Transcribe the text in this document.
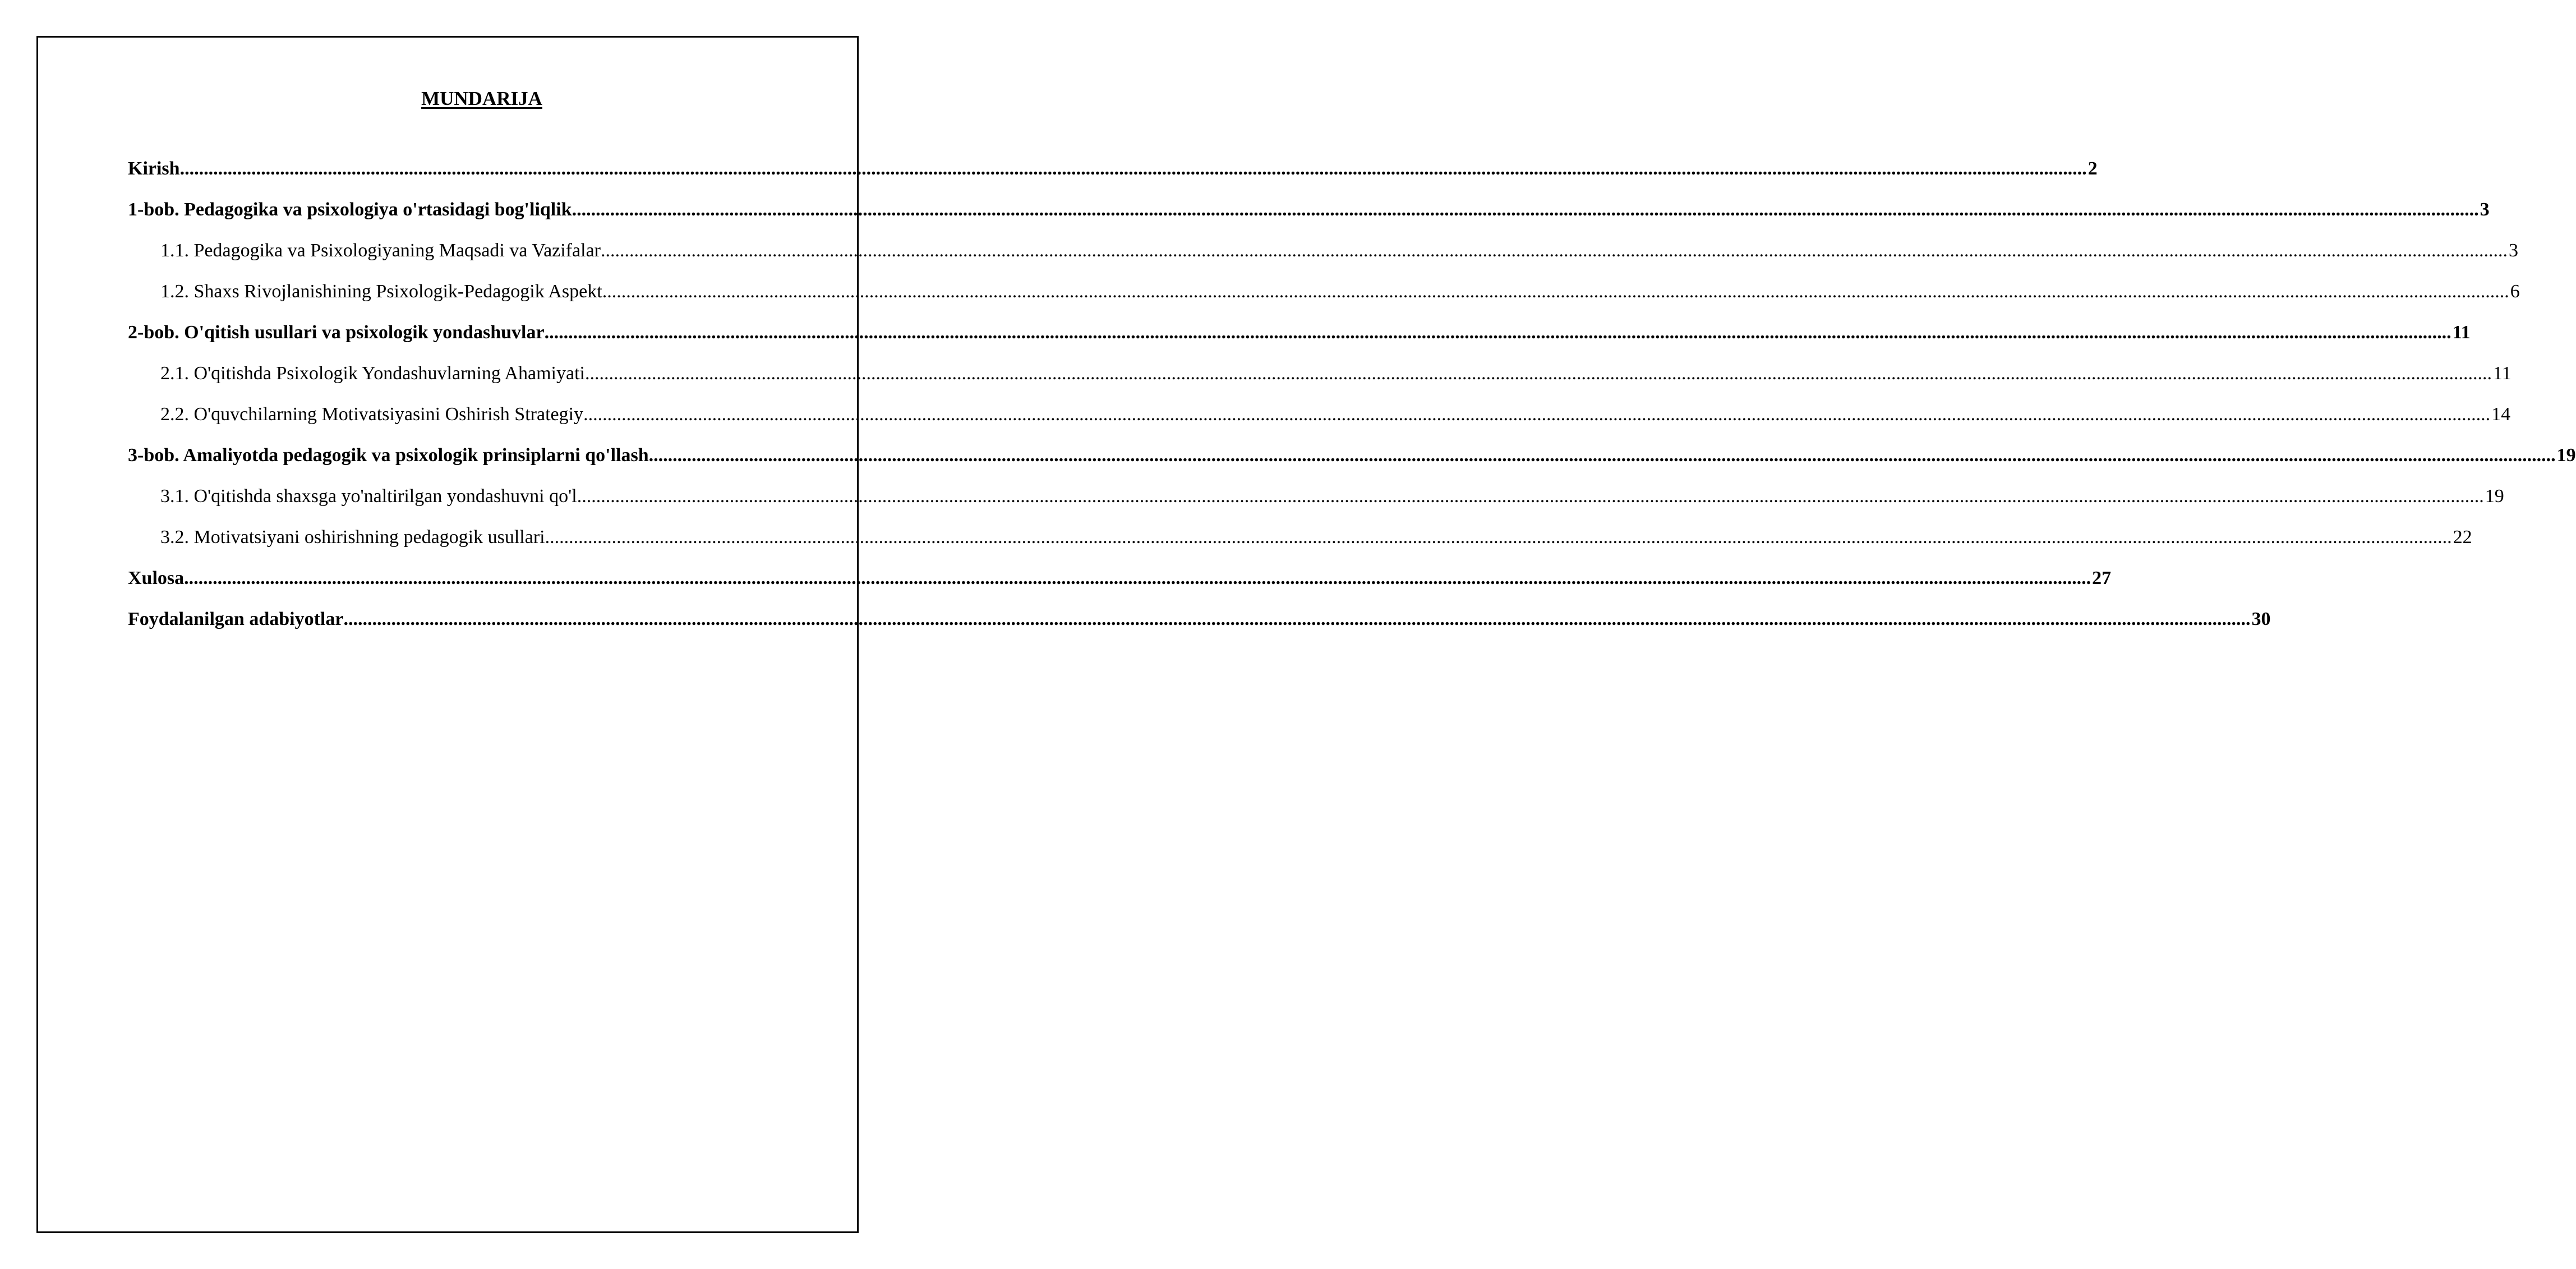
MUNDARIJA
Kirish ................................................................................................................................................................................................................................................................................................................................................................................................................ 2
1-bob. Pedagogika va psixologiya o'rtasidagi bog'liqlik ................................................................................................................................................................................................................................................................................................................................................................................................................ 3
1.1. Pedagogika va Psixologiyaning Maqsadi va Vazifalar ................................................................................................................................................................................................................................................................................................................................................................................................................ 3
1.2. Shaxs Rivojlanishining Psixologik-Pedagogik Aspekt ................................................................................................................................................................................................................................................................................................................................................................................................................ 6
2-bob. O'qitish usullari va psixologik yondashuvlar ................................................................................................................................................................................................................................................................................................................................................................................................................ 11
2.1. O'qitishda Psixologik Yondashuvlarning Ahamiyati ................................................................................................................................................................................................................................................................................................................................................................................................................ 11
2.2. O'quvchilarning Motivatsiyasini Oshirish Strategiy ................................................................................................................................................................................................................................................................................................................................................................................................................ 14
3-bob. Amaliyotda pedagogik va psixologik prinsiplarni qo'llash ................................................................................................................................................................................................................................................................................................................................................................................................................ 19
3.1. O'qitishda shaxsga yo'naltirilgan yondashuvni qo'l ................................................................................................................................................................................................................................................................................................................................................................................................................ 19
3.2. Motivatsiyani oshirishning pedagogik usullari ................................................................................................................................................................................................................................................................................................................................................................................................................ 22
Xulosa ................................................................................................................................................................................................................................................................................................................................................................................................................ 27
Foydalanilgan adabiyotlar ................................................................................................................................................................................................................................................................................................................................................................................................................ 30
